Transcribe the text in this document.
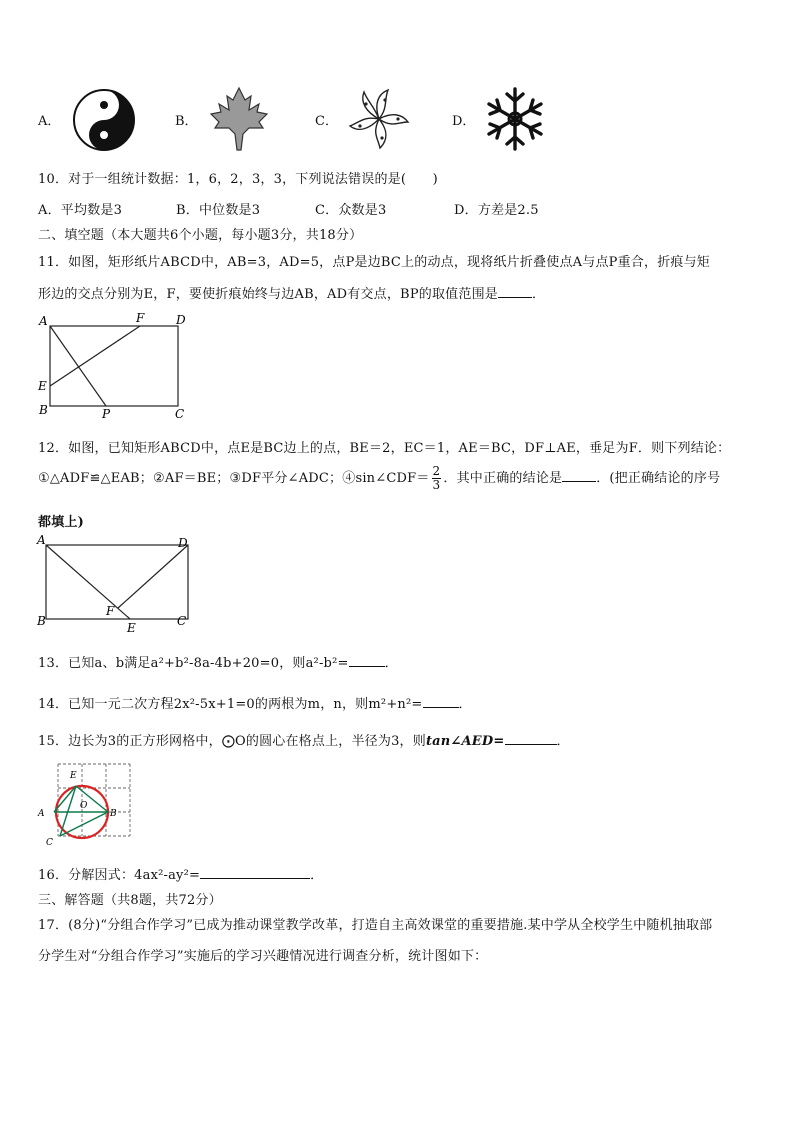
A．	B．	C．	D．
10．对于一组统计数据：1，6，2，3，3，下列说法错误的是(　　)
A．平均数是3	B．中位数是3	C．众数是3	D．方差是2.5
二、填空题（本大题共6个小题，每小题3分，共18分）
11．如图，矩形纸片ABCD中，AB=3，AD=5，点P是边BC上的动点，现将纸片折叠使点A与点P重合，折痕与矩
形边的交点分别为E，F，要使折痕始终与边AB，AD有交点，BP的取值范围是	．
A	F	D
E
B	P	C
12．如图，已知矩形ABCD中，点E是BC边上的点，BE＝2，EC＝1，AE＝BC，DF⊥AE，垂足为F．则下列结论：
①△ADF≌△EAB；②AF＝BE；③DF平分∠ADC；④sin∠CDF＝ $\frac{2}{3}$ ．其中正确的结论是	．(把正确结论的序号
都填上)
A	D
B
F
E	C
13．已知a、b满足a²+b²-8a-4b+20=0，则a²-b²=	．
14．已知一元二次方程2x²-5x+1=0的两根为m，n，则m²+n²=	．
15．边长为3的正方形网格中，⨀O的圆心在格点上，半径为3，则tan∠AED=	．
E
O
A	B
C
16．分解因式：4ax²-ay²=	．
三、解答题（共8题，共72分）
17．(8分)“分组合作学习”已成为推动课堂教学改革，打造自主高效课堂的重要措施.某中学从全校学生中随机抽取部
分学生对“分组合作学习”实施后的学习兴趣情况进行调查分析，统计图如下：
